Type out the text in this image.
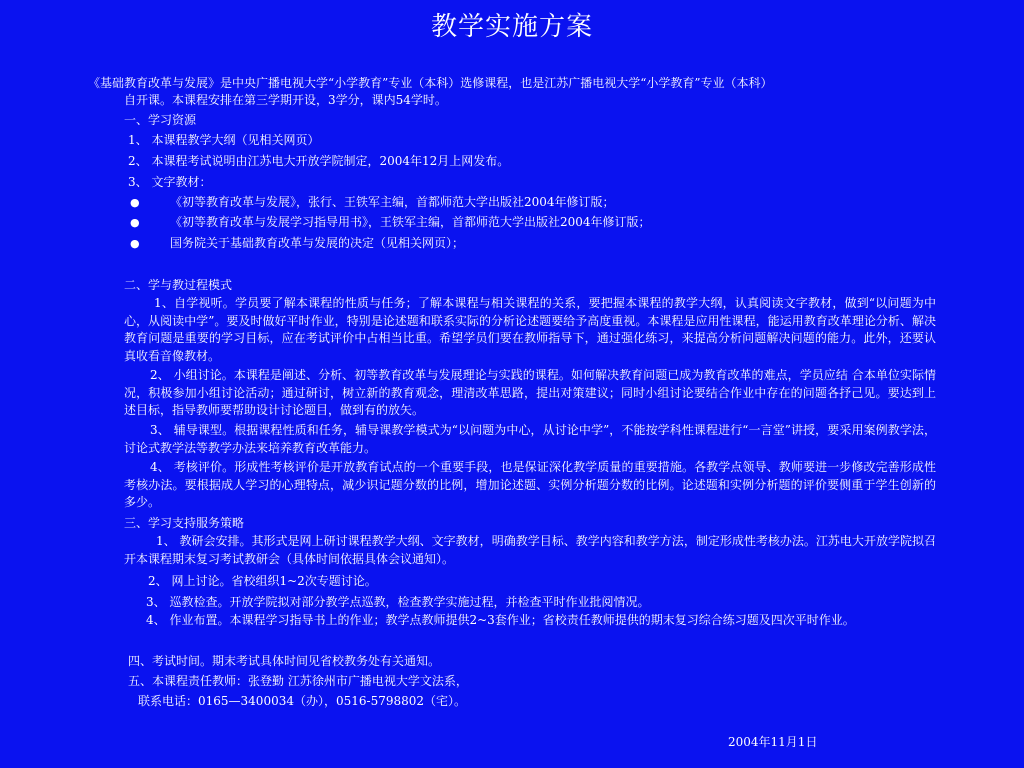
教学实施方案
《基础教育改革与发展》是中央广播电视大学“小学教育”专业（本科）选修课程，也是江苏广播电视大学“小学教育”专业（本科）
自开课。本课程安排在第三学期开设，3学分，课内54学时。
一、学习资源
1、 本课程教学大纲（见相关网页）
2、 本课程考试说明由江苏电大开放学院制定，2004年12月上网发布。
3、 文字教材：
●	《初等教育改革与发展》，张行、王铁军主编，首都师范大学出版社2004年修订版；
●	《初等教育改革与发展学习指导用书》，王铁军主编，首都师范大学出版社2004年修订版；
●	国务院关于基础教育改革与发展的决定（见相关网页）；
二、学与教过程模式
1、自学视听。学员要了解本课程的性质与任务；了解本课程与相关课程的关系，要把握本课程的教学大纲，认真阅读文字教材，做到“以问题为中心，从阅读中学”。要及时做好平时作业，特别是论述题和联系实际的分析论述题要给予高度重视。本课程是应用性课程，能运用教育改革理论分析、解决教育问题是重要的学习目标，应在考试评价中占相当比重。希望学员们要在教师指导下，通过强化练习，来提高分析问题解决问题的能力。此外，还要认真收看音像教材。
2、 小组讨论。本课程是阐述、分析、初等教育改革与发展理论与实践的课程。如何解决教育问题已成为教育改革的难点，学员应结 合本单位实际情况，积极参加小组讨论活动；通过研讨，树立新的教育观念，理清改革思路，提出对策建议；同时小组讨论要结合作业中存在的问题各抒己见。要达到上述目标，指导教师要帮助设计讨论题目，做到有的放矢。
3、 辅导课型。根据课程性质和任务，辅导课教学模式为“以问题为中心，从讨论中学”，不能按学科性课程进行“一言堂”讲授，要采用案例教学法，讨论式教学法等教学办法来培养教育改革能力。
4、 考核评价。形成性考核评价是开放教育试点的一个重要手段，也是保证深化教学质量的重要措施。各教学点领导、教师要进一步修改完善形成性考核办法。要根据成人学习的心理特点，减少识记题分数的比例，增加论述题、实例分析题分数的比例。论述题和实例分析题的评价要侧重于学生创新的多少。
三、学习支持服务策略
1、 教研会安排。其形式是网上研讨课程教学大纲、文字教材，明确教学目标、教学内容和教学方法，制定形成性考核办法。江苏电大开放学院拟召开本课程期末复习考试教研会（具体时间依据具体会议通知）。
2、 网上讨论。省校组织1~2次专题讨论。
3、 巡教检查。开放学院拟对部分教学点巡教，检查教学实施过程，并检查平时作业批阅情况。
4、 作业布置。本课程学习指导书上的作业；教学点教师提供2~3套作业；省校责任教师提供的期末复习综合练习题及四次平时作业。
四、考试时间。期末考试具体时间见省校教务处有关通知。
五、本课程责任教师：张登勤 江苏徐州市广播电视大学文法系，
联系电话：0165—3400034（办），0516-5798802（宅）。
2004年11月1日
